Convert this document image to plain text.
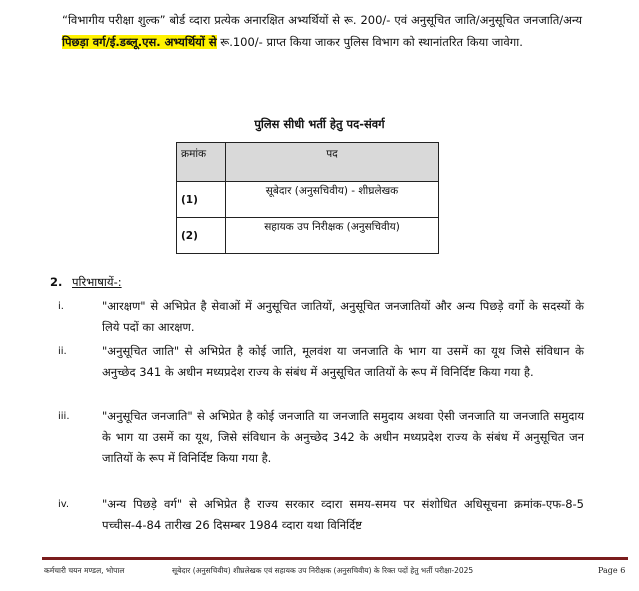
“विभागीय परीक्षा शुल्क” बोर्ड व्दारा प्रत्येक अनारक्षित अभ्यर्थियों से रू. 200/- एवं अनुसूचित जाति/अनुसूचित जनजाति/अन्य पिछड़ा वर्ग/ई.डब्लू.एस. अभ्यर्थियों से रू.100/- प्राप्त किया जाकर पुलिस विभाग को स्थानांतरित किया जावेगा.
पुलिस सीधी भर्ती हेतु पद-संवर्ग
क्रमांक	पद
(1)	सूबेदार (अनुसचिवीय) - शीघ्रलेखक
(2)	सहायक उप निरीक्षक (अनुसचिवीय)
2. परिभाषायें-:
i.	"आरक्षण" से अभिप्रेत है सेवाओं में अनुसूचित जातियों, अनुसूचित जनजातियों और अन्य पिछड़े वर्गो के सदस्यों के लिये पदों का आरक्षण.
ii.	"अनुसूचित जाति" से अभिप्रेत है कोई जाति, मूलवंश या जनजाति के भाग या उसमें का यूथ जिसे संविधान के अनुच्छेद 341 के अधीन मध्यप्रदेश राज्य के संबंध में अनुसूचित जातियों के रूप में विनिर्दिष्ट किया गया है.
iii.	"अनुसूचित जनजाति" से अभिप्रेत है कोई जनजाति या जनजाति समुदाय अथवा ऐसी जनजाति या जनजाति समुदाय के भाग या उसमें का यूथ, जिसे संविधान के अनुच्छेद 342 के अधीन मध्यप्रदेश राज्य के संबंध में अनुसूचित जन जातियों के रूप में विनिर्दिष्ट किया गया है.
iv.	"अन्य पिछड़े वर्ग" से अभिप्रेत है राज्य सरकार व्दारा समय-समय पर संशोधित अधिसूचना क्रमांक-एफ-8-5 पच्चीस-4-84 तारीख 26 दिसम्बर 1984 व्दारा यथा विनिर्दिष्ट
कर्मचारी चयन मण्डल, भोपाल	सूबेदार (अनुसचिवीय) शीघ्रलेखक एवं सहायक उप निरीक्षक (अनुसचिवीय) के रिक्त पदों हेतु भर्ती परीक्षा-2025	Page 6
